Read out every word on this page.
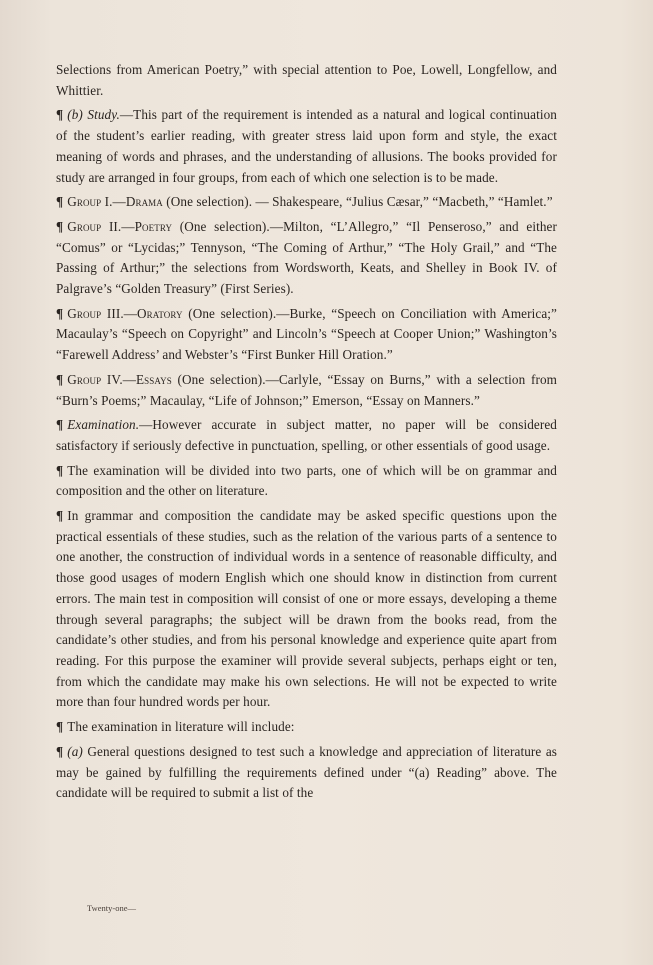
Selections from American Poetry,” with special attention to Poe, Lowell, Longfellow, and Whittier.

¶ (b) Study.—This part of the requirement is intended as a natural and logical continuation of the student’s earlier reading, with greater stress laid upon form and style, the exact meaning of words and phrases, and the understanding of allusions. The books provided for study are arranged in four groups, from each of which one selection is to be made.

¶ Group I.—Drama (One selection). — Shakespeare, “Julius Cæsar,” “Macbeth,” “Hamlet.”

¶ Group II.—Poetry (One selection).—Milton, “L’Allegro,” “Il Penseroso,” and either “Comus” or “Lycidas;” Tennyson, “The Coming of Arthur,” “The Holy Grail,” and “The Passing of Arthur;” the selections from Wordsworth, Keats, and Shelley in Book IV. of Palgrave’s “Golden Treasury” (First Series).

¶ Group III.—Oratory (One selection).—Burke, “Speech on Conciliation with America;” Macaulay’s “Speech on Copyright” and Lincoln’s “Speech at Cooper Union;” Washington’s “Farewell Address’ and Webster’s “First Bunker Hill Oration.”

¶ Group IV.—Essays (One selection).—Carlyle, “Essay on Burns,” with a selection from “Burn’s Poems;” Macaulay, “Life of Johnson;” Emerson, “Essay on Manners.”

¶ Examination.—However accurate in subject matter, no paper will be considered satisfactory if seriously defective in punctuation, spelling, or other essentials of good usage.

¶ The examination will be divided into two parts, one of which will be on grammar and composition and the other on literature.

¶ In grammar and composition the candidate may be asked specific questions upon the practical essentials of these studies, such as the relation of the various parts of a sentence to one another, the construction of individual words in a sentence of reasonable difficulty, and those good usages of modern English which one should know in distinction from current errors. The main test in composition will consist of one or more essays, developing a theme through several paragraphs; the subject will be drawn from the books read, from the candidate’s other studies, and from his personal knowledge and experience quite apart from reading. For this purpose the examiner will provide several subjects, perhaps eight or ten, from which the candidate may make his own selections. He will not be expected to write more than four hundred words per hour.

¶ The examination in literature will include:

¶ (a) General questions designed to test such a knowledge and appreciation of literature as may be gained by fulfilling the requirements defined under “(a) Reading” above. The candidate will be required to submit a list of the

Twenty-one—
